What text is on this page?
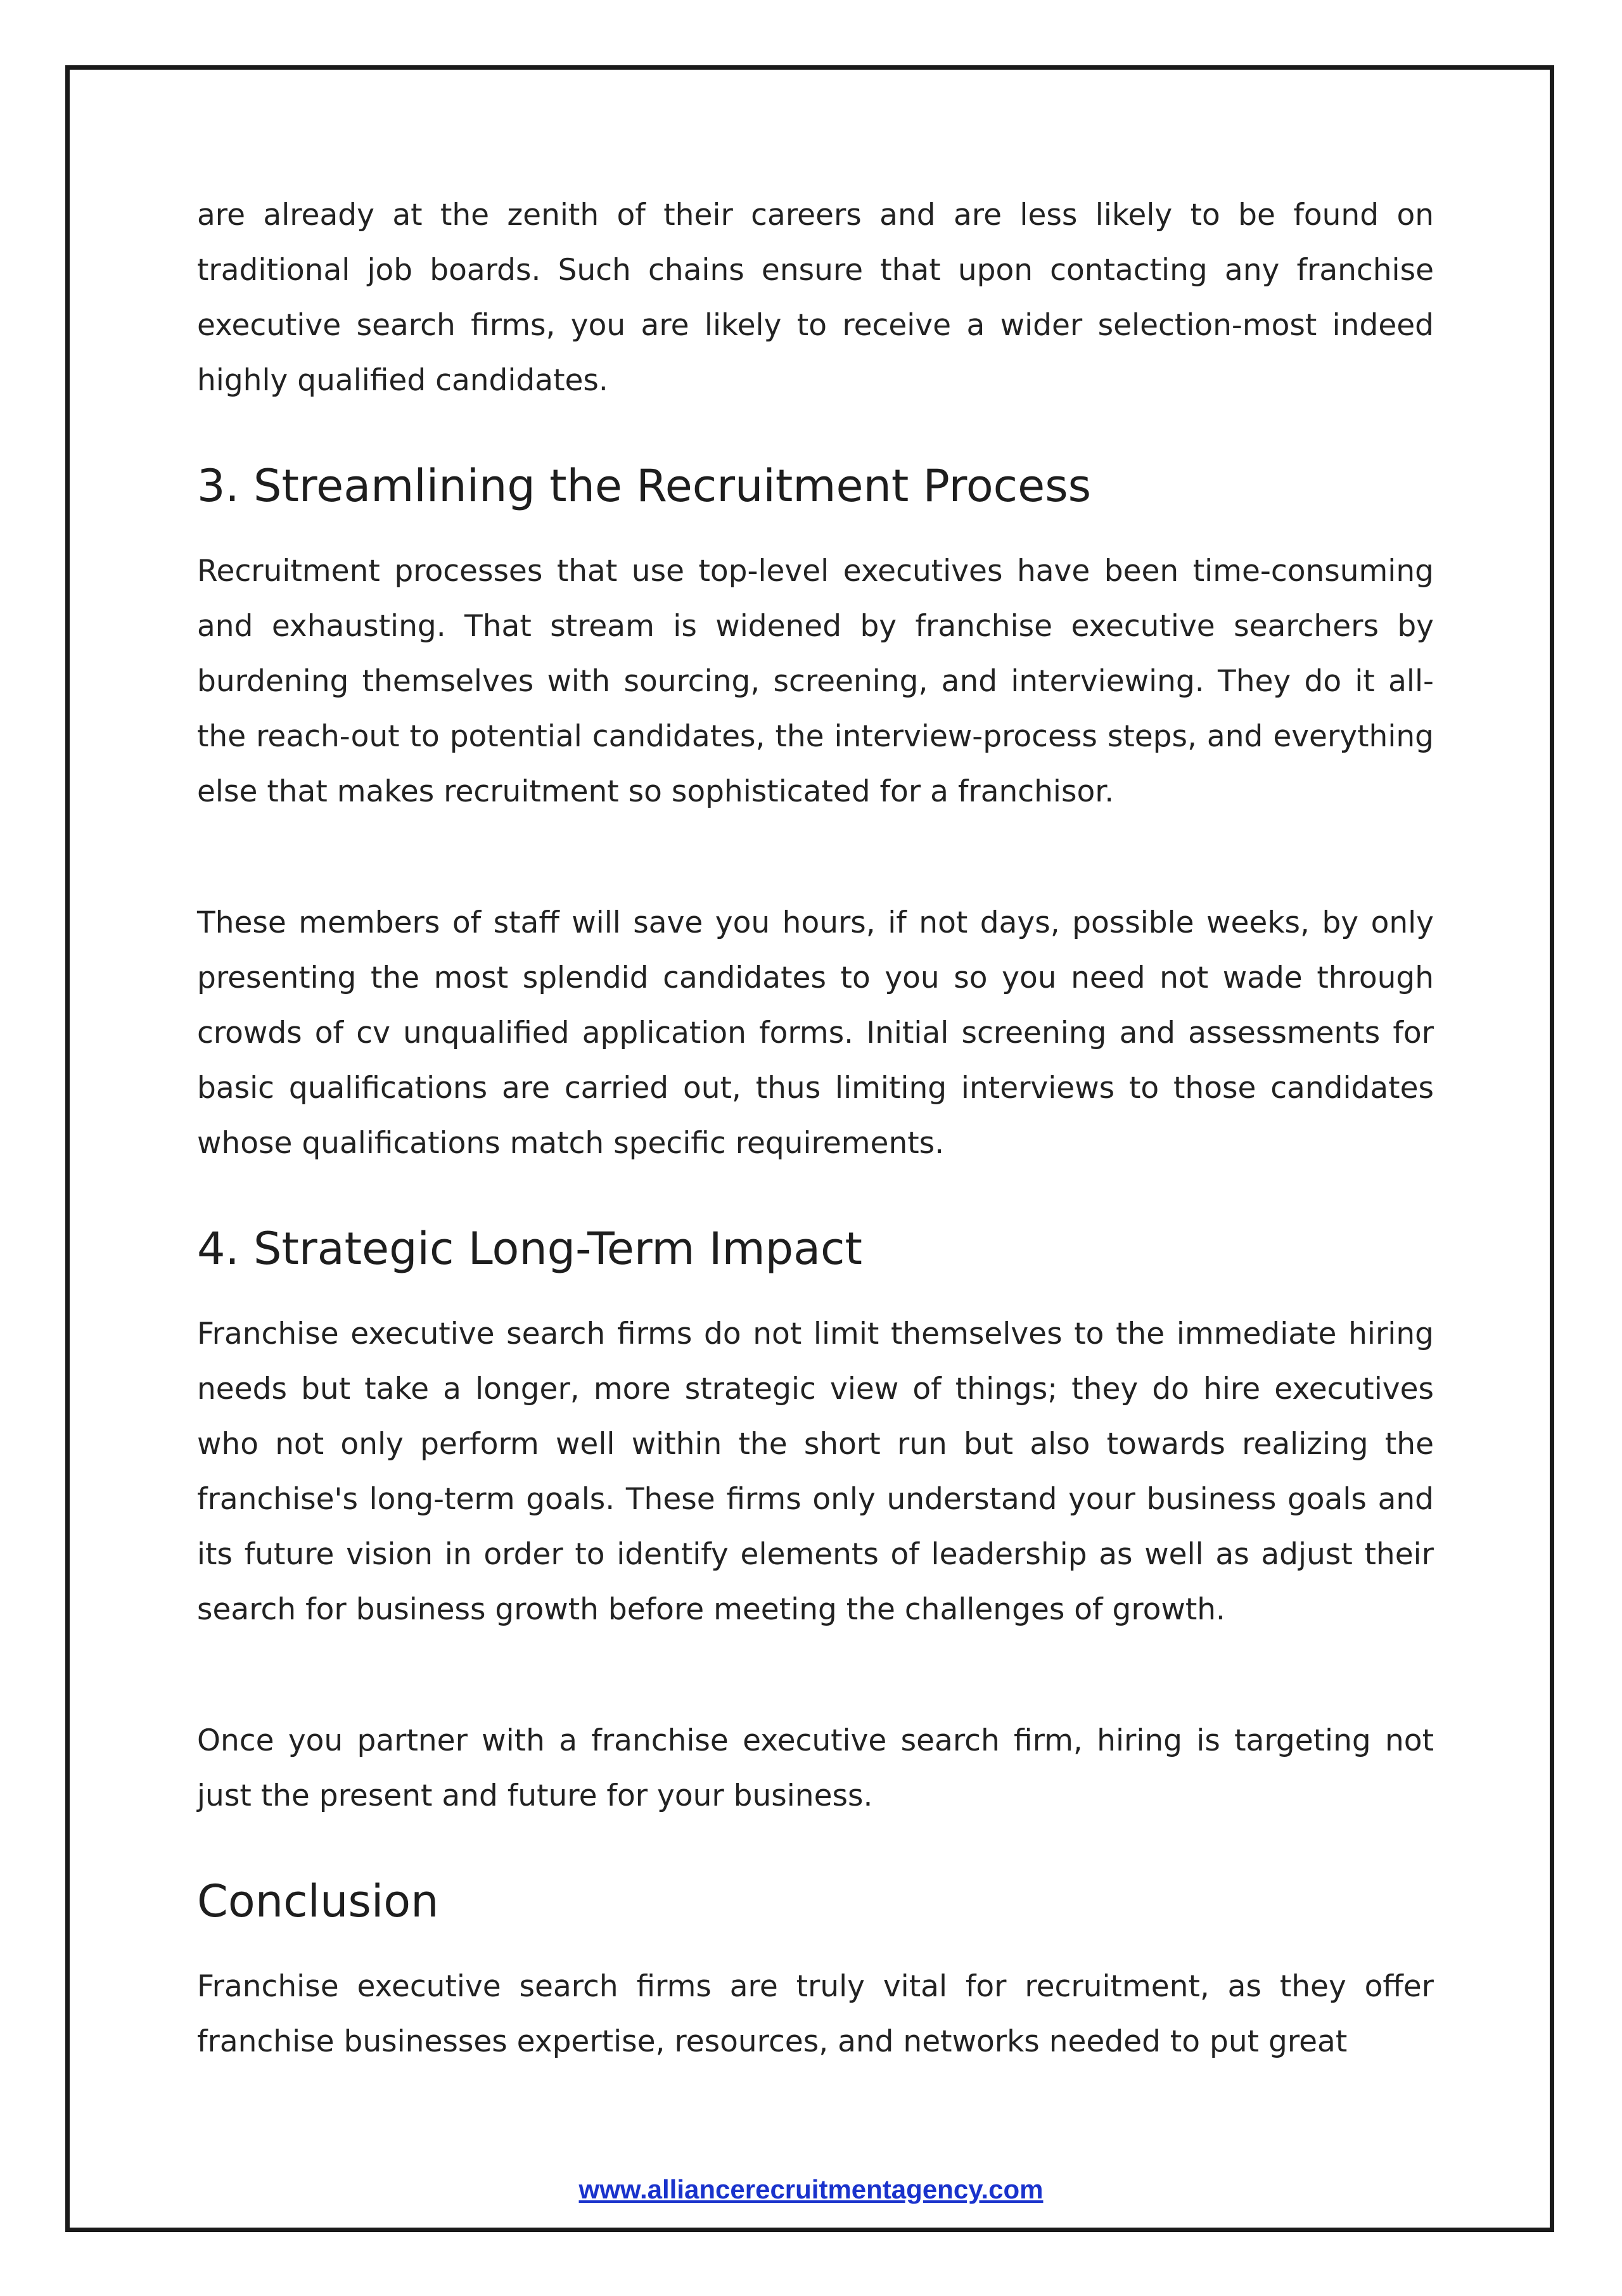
are already at the zenith of their careers and are less likely to be found on traditional job boards. Such chains ensure that upon contacting any franchise executive search firms, you are likely to receive a wider selection-most indeed highly qualified candidates.

3. Streamlining the Recruitment Process

Recruitment processes that use top-level executives have been time-consuming and exhausting. That stream is widened by franchise executive searchers by burdening themselves with sourcing, screening, and interviewing. They do it all-the reach-out to potential candidates, the interview-process steps, and everything else that makes recruitment so sophisticated for a franchisor.

These members of staff will save you hours, if not days, possible weeks, by only presenting the most splendid candidates to you so you need not wade through crowds of cv unqualified application forms. Initial screening and assessments for basic qualifications are carried out, thus limiting interviews to those candidates whose qualifications match specific requirements.

4. Strategic Long-Term Impact

Franchise executive search firms do not limit themselves to the immediate hiring needs but take a longer, more strategic view of things; they do hire executives who not only perform well within the short run but also towards realizing the franchise's long-term goals. These firms only understand your business goals and its future vision in order to identify elements of leadership as well as adjust their search for business growth before meeting the challenges of growth.

Once you partner with a franchise executive search firm, hiring is targeting not just the present and future for your business.

Conclusion

Franchise executive search firms are truly vital for recruitment, as they offer franchise businesses expertise, resources, and networks needed to put great

www.alliancerecruitmentagency.com
